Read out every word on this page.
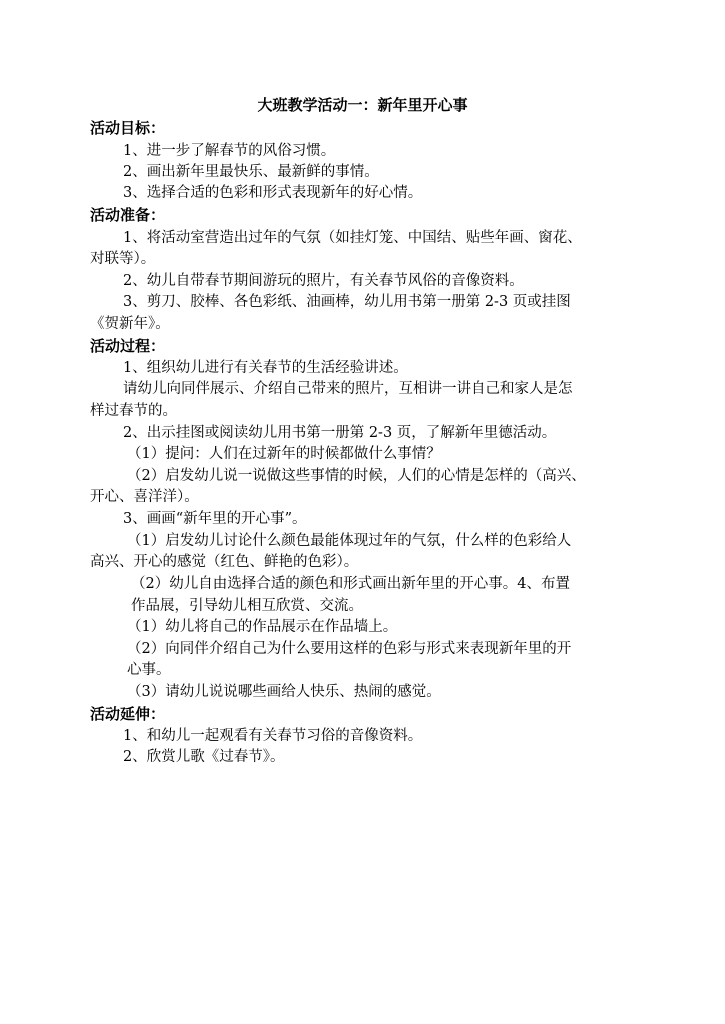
大班教学活动一：新年里开心事
活动目标：
1、进一步了解春节的风俗习惯。
2、画出新年里最快乐、最新鲜的事情。
3、选择合适的色彩和形式表现新年的好心情。
活动准备：
1、将活动室营造出过年的气氛（如挂灯笼、中国结、贴些年画、窗花、
对联等）。
2、幼儿自带春节期间游玩的照片，有关春节风俗的音像资料。
3、剪刀、胶棒、各色彩纸、油画棒，幼儿用书第一册第 2-3 页或挂图
《贺新年》。
活动过程：
1、组织幼儿进行有关春节的生活经验讲述。
请幼儿向同伴展示、介绍自己带来的照片，互相讲一讲自己和家人是怎
样过春节的。
2、出示挂图或阅读幼儿用书第一册第 2-3 页，了解新年里德活动。
（1）提问：人们在过新年的时候都做什么事情？
（2）启发幼儿说一说做这些事情的时候，人们的心情是怎样的（高兴、
开心、喜洋洋）。
3、画画“新年里的开心事”。
（1）启发幼儿讨论什么颜色最能体现过年的气氛，什么样的色彩给人
高兴、开心的感觉（红色、鲜艳的色彩）。
（2）幼儿自由选择合适的颜色和形式画出新年里的开心事。4、布置
作品展，引导幼儿相互欣赏、交流。
（1）幼儿将自己的作品展示在作品墙上。
（2）向同伴介绍自己为什么要用这样的色彩与形式来表现新年里的开
心事。
（3）请幼儿说说哪些画给人快乐、热闹的感觉。
活动延伸：
1、和幼儿一起观看有关春节习俗的音像资料。
2、欣赏儿歌《过春节》。
